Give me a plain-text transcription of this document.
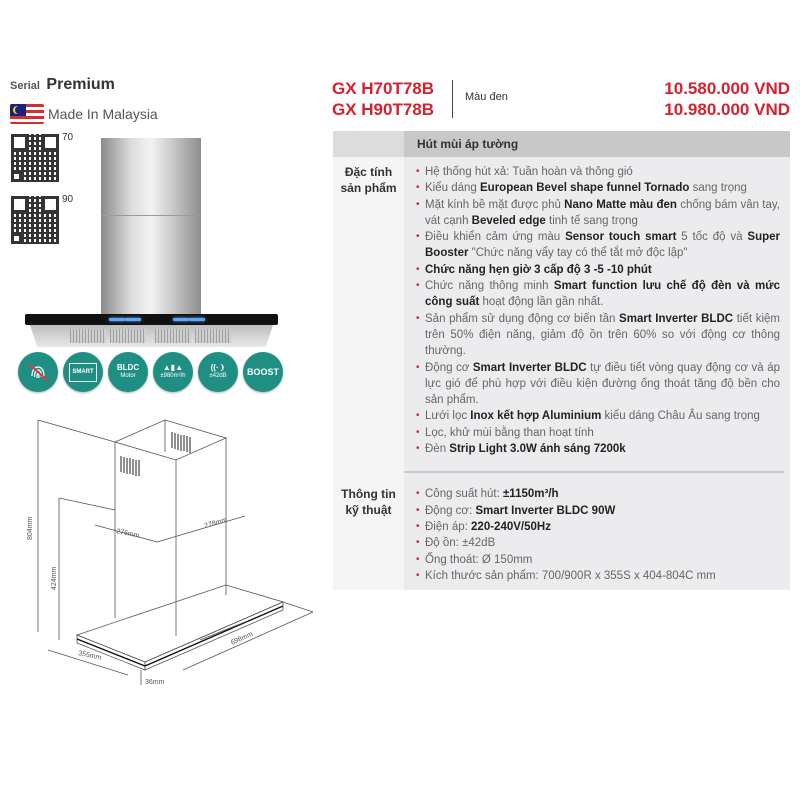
Serial Premium
Made In Malaysia
70
90
SMART	BLDC
Motor
▲▮▲
±980m³/h
((·❩
±42dB BOOST
804mm
424mm
276mm
278mm
355mm
698mm
36mm
GX H70T78B
GX H90T78B
Màu đen	10.580.000 VND
10.980.000 VND
Hút mùi áp tường
Đặc tính
sản phẩm
• Hệ thống hút xả: Tuần hoàn và thông gió
• Kiểu dáng European Bevel shape funnel Tornado sang trọng
• Mặt kính bề mặt được phủ Nano Matte màu đen chống bám vân tay, vát cạnh Beveled edge tinh tế sang trọng
• Điều khiển cảm ứng màu Sensor touch smart 5 tốc độ và Super Booster "Chức năng vẩy tay có thể tắt mở độc lập"
• Chức năng hẹn giờ 3 cấp độ 3 -5 -10 phút
• Chức năng thông minh Smart function lưu chế độ đèn và mức công suất hoạt động lần gần nhất.
• Sản phẩm sử dụng động cơ biến tần Smart Inverter BLDC tiết kiệm trên 50% điện năng, giảm độ ồn trên 60% so với động cơ thông thường.
• Động cơ Smart Inverter BLDC tự điều tiết vòng quay động cơ và áp lực gió để phù hợp với điều kiện đường ống thoát tăng độ bền cho sản phẩm.
• Lưới lọc Inox kết hợp Aluminium kiểu dáng Châu Âu sang trọng
• Lọc, khử mùi bằng than hoạt tính
• Đèn Strip Light 3.0W ánh sáng 7200k
Thông tin
kỹ thuật
• Công suất hút: ±1150m³/h
• Động cơ: Smart Inverter BLDC 90W
• Điện áp: 220-240V/50Hz
• Độ ồn: ±42dB
• Ống thoát: Ø 150mm
• Kích thước sản phẩm: 700/900R x 355S x 404-804C mm
